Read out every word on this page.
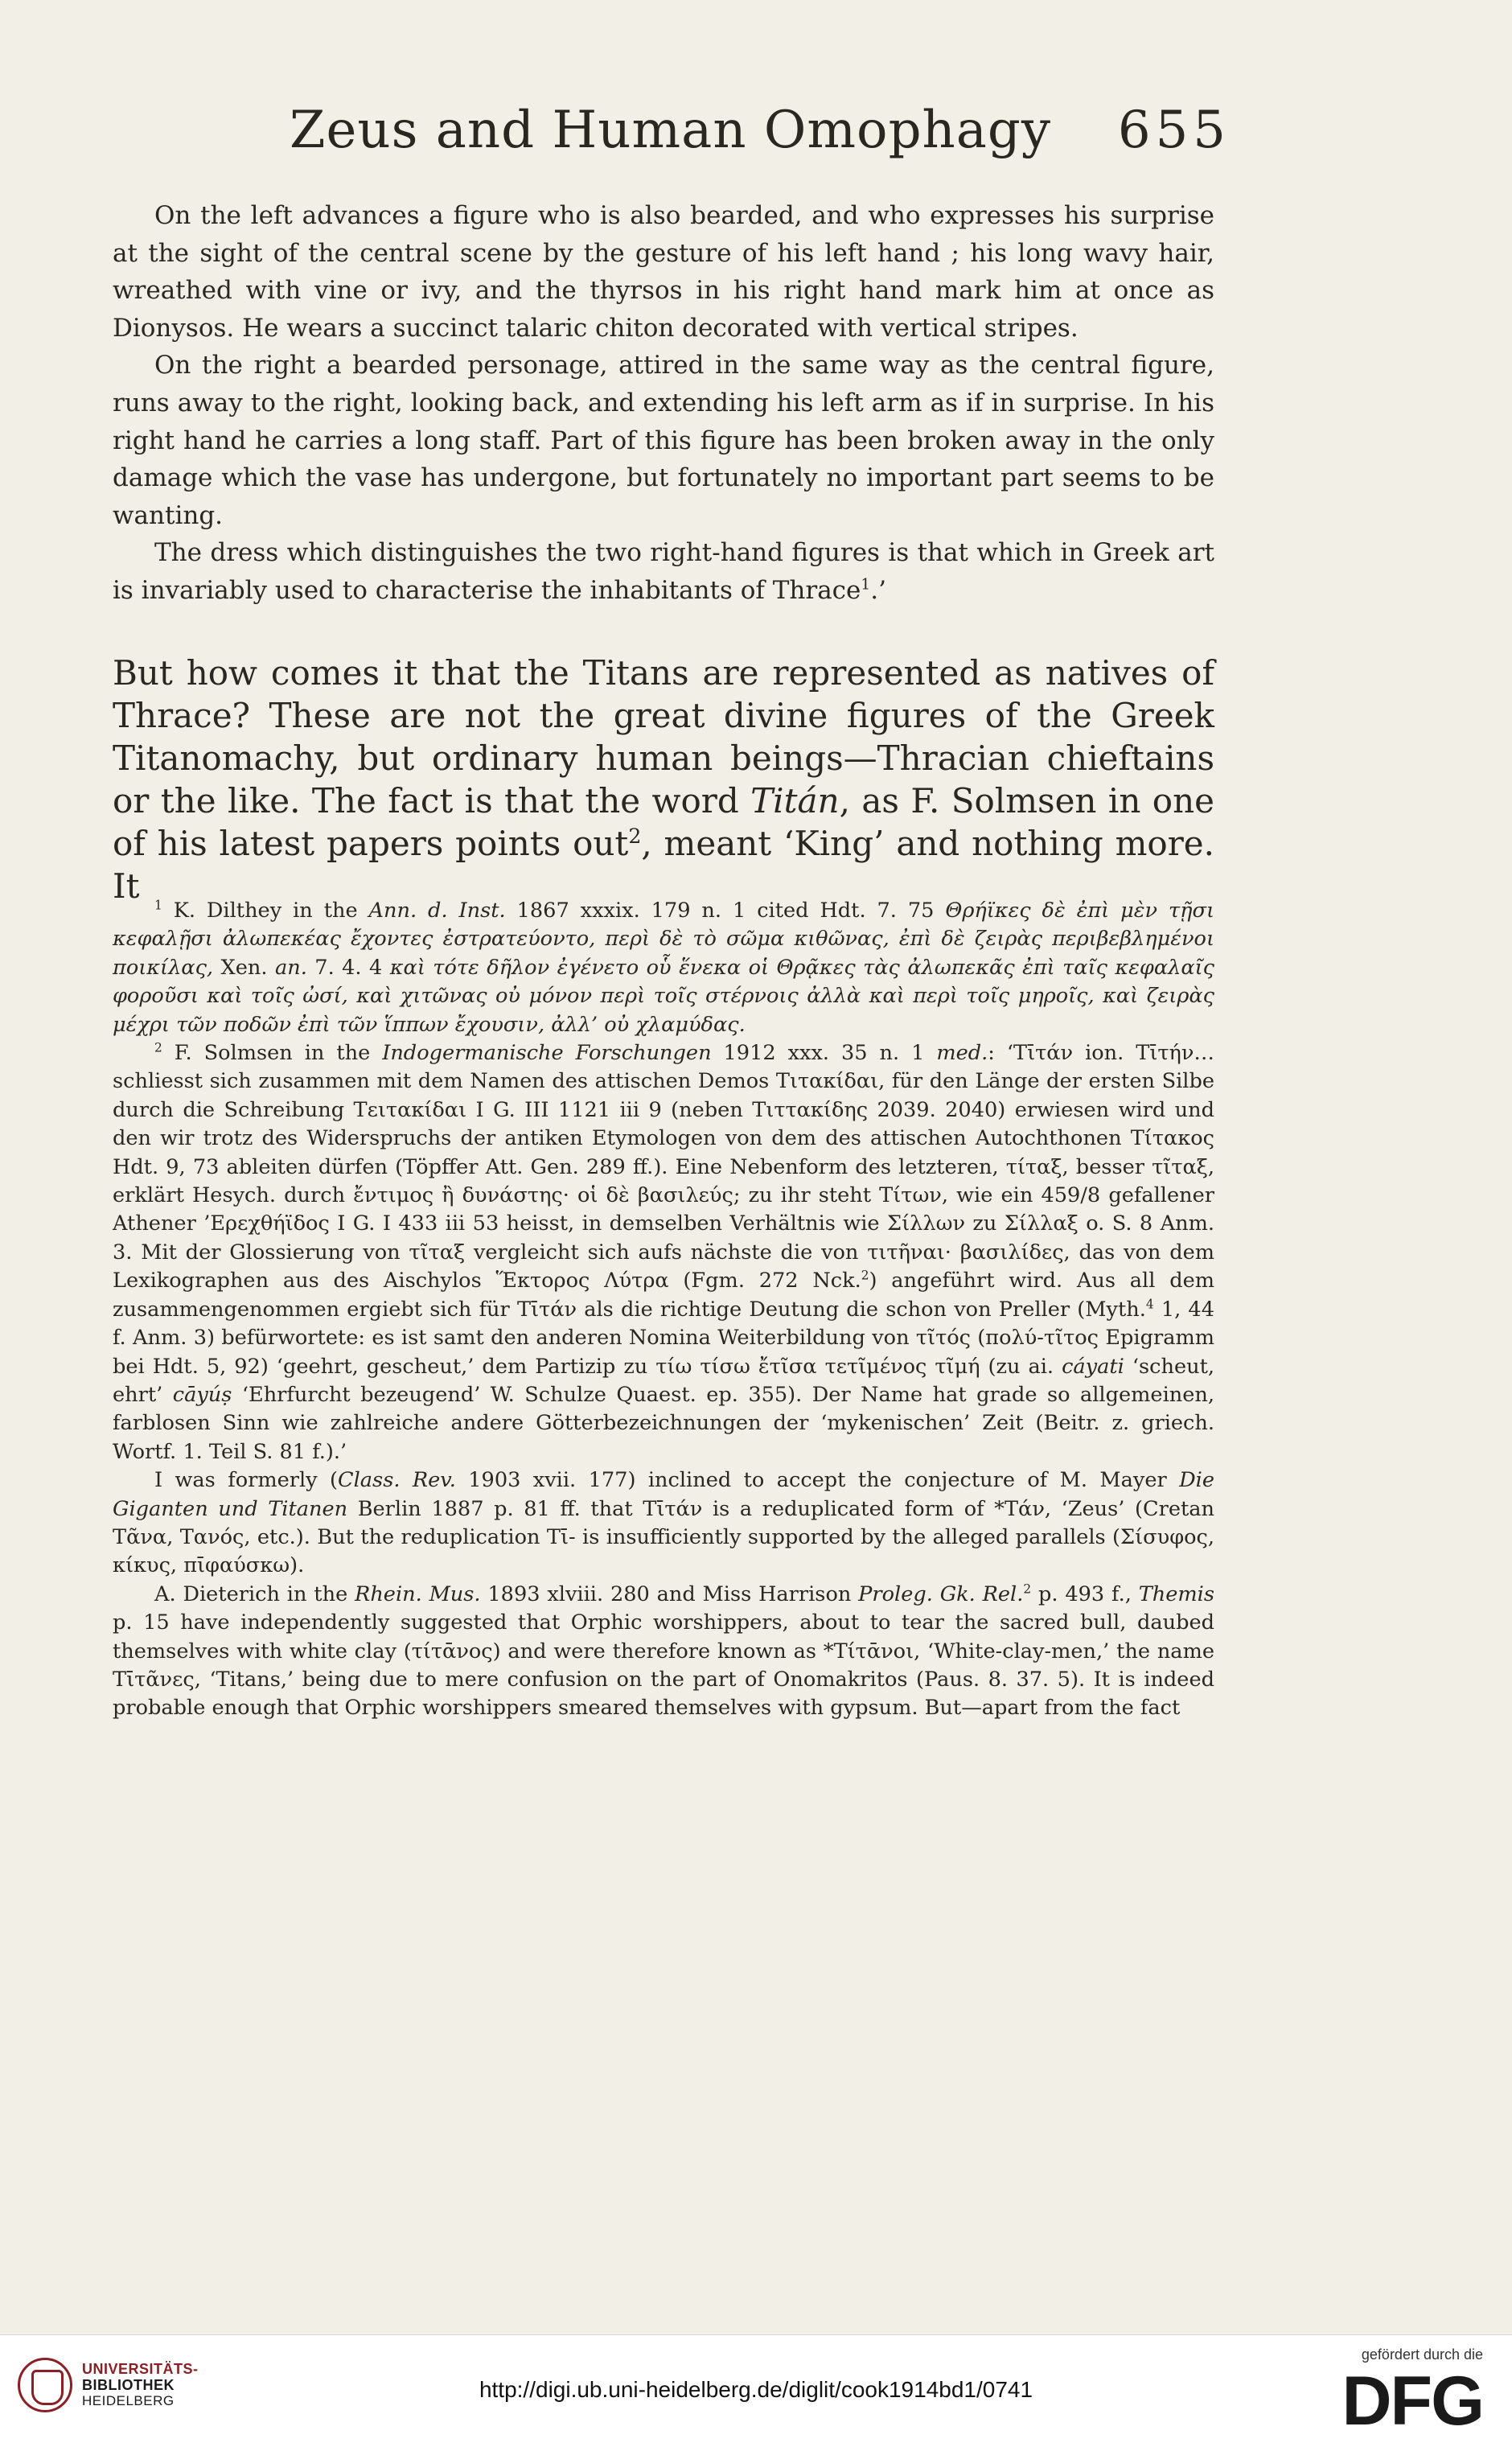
Zeus and Human Omophagy 655

On the left advances a figure who is also bearded, and who expresses his surprise at the sight of the central scene by the gesture of his left hand ; his long wavy hair, wreathed with vine or ivy, and the thyrsos in his right hand mark him at once as Dionysos. He wears a succinct talaric chiton decorated with vertical stripes.

On the right a bearded personage, attired in the same way as the central figure, runs away to the right, looking back, and extending his left arm as if in surprise. In his right hand he carries a long staff. Part of this figure has been broken away in the only damage which the vase has undergone, but fortunately no important part seems to be wanting.

The dress which distinguishes the two right-hand figures is that which in Greek art is invariably used to characterise the inhabitants of Thrace$^1$.’

But how comes it that the Titans are represented as natives of Thrace? These are not the great divine figures of the Greek Titanomachy, but ordinary human beings—Thracian chieftains or the like. The fact is that the word Titán, as F. Solmsen in one of his latest papers points out$^2$, meant ‘King’ and nothing more. It	$^1$ K. Dilthey in the Ann. d. Inst. 1867 xxxix. 179 n. 1 cited Hdt. 7. 75 Θρήϊκες δὲ ἐπὶ μὲν τῇσι κεφαλῇσι ἀλωπεκέας ἔχοντες ἐστρατεύοντο, περὶ δὲ τὸ σῶμα κιθῶνας, ἐπὶ δὲ ζειρὰς περιβεβλημένοι ποικίλας, Xen. an. 7. 4. 4 καὶ τότε δῆλον ἐγένετο οὗ ἕνεκα οἱ Θρᾷκες τὰς ἀλωπεκᾶς ἐπὶ ταῖς κεφαλαῖς φοροῦσι καὶ τοῖς ὠσί, καὶ χιτῶνας οὐ μόνον περὶ τοῖς στέρνοις ἀλλὰ καὶ περὶ τοῖς μηροῖς, καὶ ζειρὰς μέχρι τῶν ποδῶν ἐπὶ τῶν ἵππων ἔχουσιν, ἀλλ’ οὐ χλαμύδας.

$^2$ F. Solmsen in the Indogermanische Forschungen 1912 xxx. 35 n. 1 med.: ‘Τῑτάν ion. Τῑτήν…schliesst sich zusammen mit dem Namen des attischen Demos Τιτακίδαι, für den Länge der ersten Silbe durch die Schreibung Τειτακίδαι I G. III 1121 iii 9 (neben Τιττακίδης 2039. 2040) erwiesen wird und den wir trotz des Widerspruchs der antiken Etymologen von dem des attischen Autochthonen Τίτακος Hdt. 9, 73 ableiten dürfen (Töpffer Att. Gen. 289 ff.). Eine Nebenform des letzteren, τίταξ, besser τῖταξ, erklärt Hesych. durch ἔντιμος ἢ δυνάστης· οἱ δὲ βασιλεύς; zu ihr steht Τίτων, wie ein 459/8 gefallener Athener ’Ερεχθήϊδος I G. I 433 iii 53 heisst, in demselben Verhältnis wie Σίλλων zu Σίλλαξ o. S. 8 Anm. 3. Mit der Glossierung von τῖταξ vergleicht sich aufs nächste die von τιτῆναι· βασιλίδες, das von dem Lexikographen aus des Aischylos Ἕκτορος Λύτρα (Fgm. 272 Nck.$^2$) angeführt wird. Aus all dem zusammengenommen ergiebt sich für Τῑτάν als die richtige Deutung die schon von Preller (Myth.$^4$ 1, 44 f. Anm. 3) befürwortete: es ist samt den anderen Nomina Weiterbildung von τῖτός (πολύ-τῖτος Epigramm bei Hdt. 5, 92) ‘geehrt, gescheut,’ dem Partizip zu τίω τίσω ἔτῖσα τετῖμένος τῖμή (zu ai. cáyati ‘scheut, ehrt’ cāyúṣ ‘Ehrfurcht bezeugend’ W. Schulze Quaest. ep. 355). Der Name hat grade so allgemeinen, farblosen Sinn wie zahlreiche andere Götterbezeichnungen der ‘mykenischen’ Zeit (Beitr. z. griech. Wortf. 1. Teil S. 81 f.).’

I was formerly (Class. Rev. 1903 xvii. 177) inclined to accept the conjecture of M. Mayer Die Giganten und Titanen Berlin 1887 p. 81 ff. that Τῑτάν is a reduplicated form of *Τάν, ‘Zeus’ (Cretan Τᾶνα, Τανός, etc.). But the reduplication Τῑ- is insufficiently supported by the alleged parallels (Σίσυφος, κίκυς, πῑφαύσκω).

A. Dieterich in the Rhein. Mus. 1893 xlviii. 280 and Miss Harrison Proleg. Gk. Rel.$^2$ p. 493 f., Themis p. 15 have independently suggested that Orphic worshippers, about to tear the sacred bull, daubed themselves with white clay (τίτᾱνος) and were therefore known as *Τίτᾱνοι, ‘White-clay-men,’ the name Τῑτᾶνες, ‘Titans,’ being due to mere confusion on the part of Onomakritos (Paus. 8. 37. 5). It is indeed probable enough that Orphic worshippers smeared themselves with gypsum. But—apart from the fact

UNIVERSITÄTS-
BIBLIOTHEK
HEIDELBERG	http://digi.ub.uni-heidelberg.de/diglit/cook1914bd1/0741
gefördert durch die
DFG
